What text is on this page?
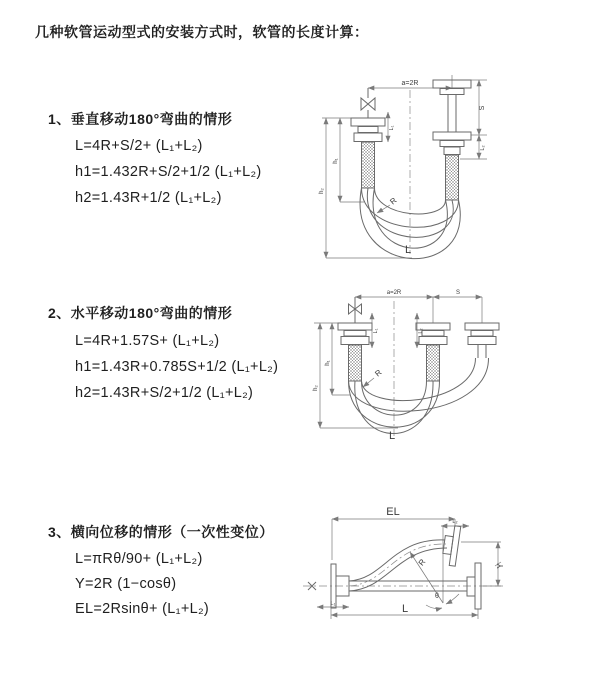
几种软管运动型式的安装方式时，软管的长度计算：
1、垂直移动180°弯曲的情形
L=4R+S/2+ (L₁+L₂)
h1=1.432R+S/2+1/2 (L₁+L₂)
h2=1.43R+1/2 (L₁+L₂)
2、水平移动180°弯曲的情形
L=4R+1.57S+ (L₁+L₂)
h1=1.43R+0.785S+1/2 (L₁+L₂)
h2=1.43R+S/2+1/2 (L₁+L₂)
3、横向位移的情形（一次性变位）
L=πRθ/90+ (L₁+L₂)
Y=2R (1−cosθ)
EL=2Rsinθ+ (L₁+L₂)
a=2R
S
L₂
L₁
h₁
h₂
R
L
a=2R	S
L₁	L₂
h₁
h₂
R
L
EL
L₂
Y
R
θ
L₁	L
